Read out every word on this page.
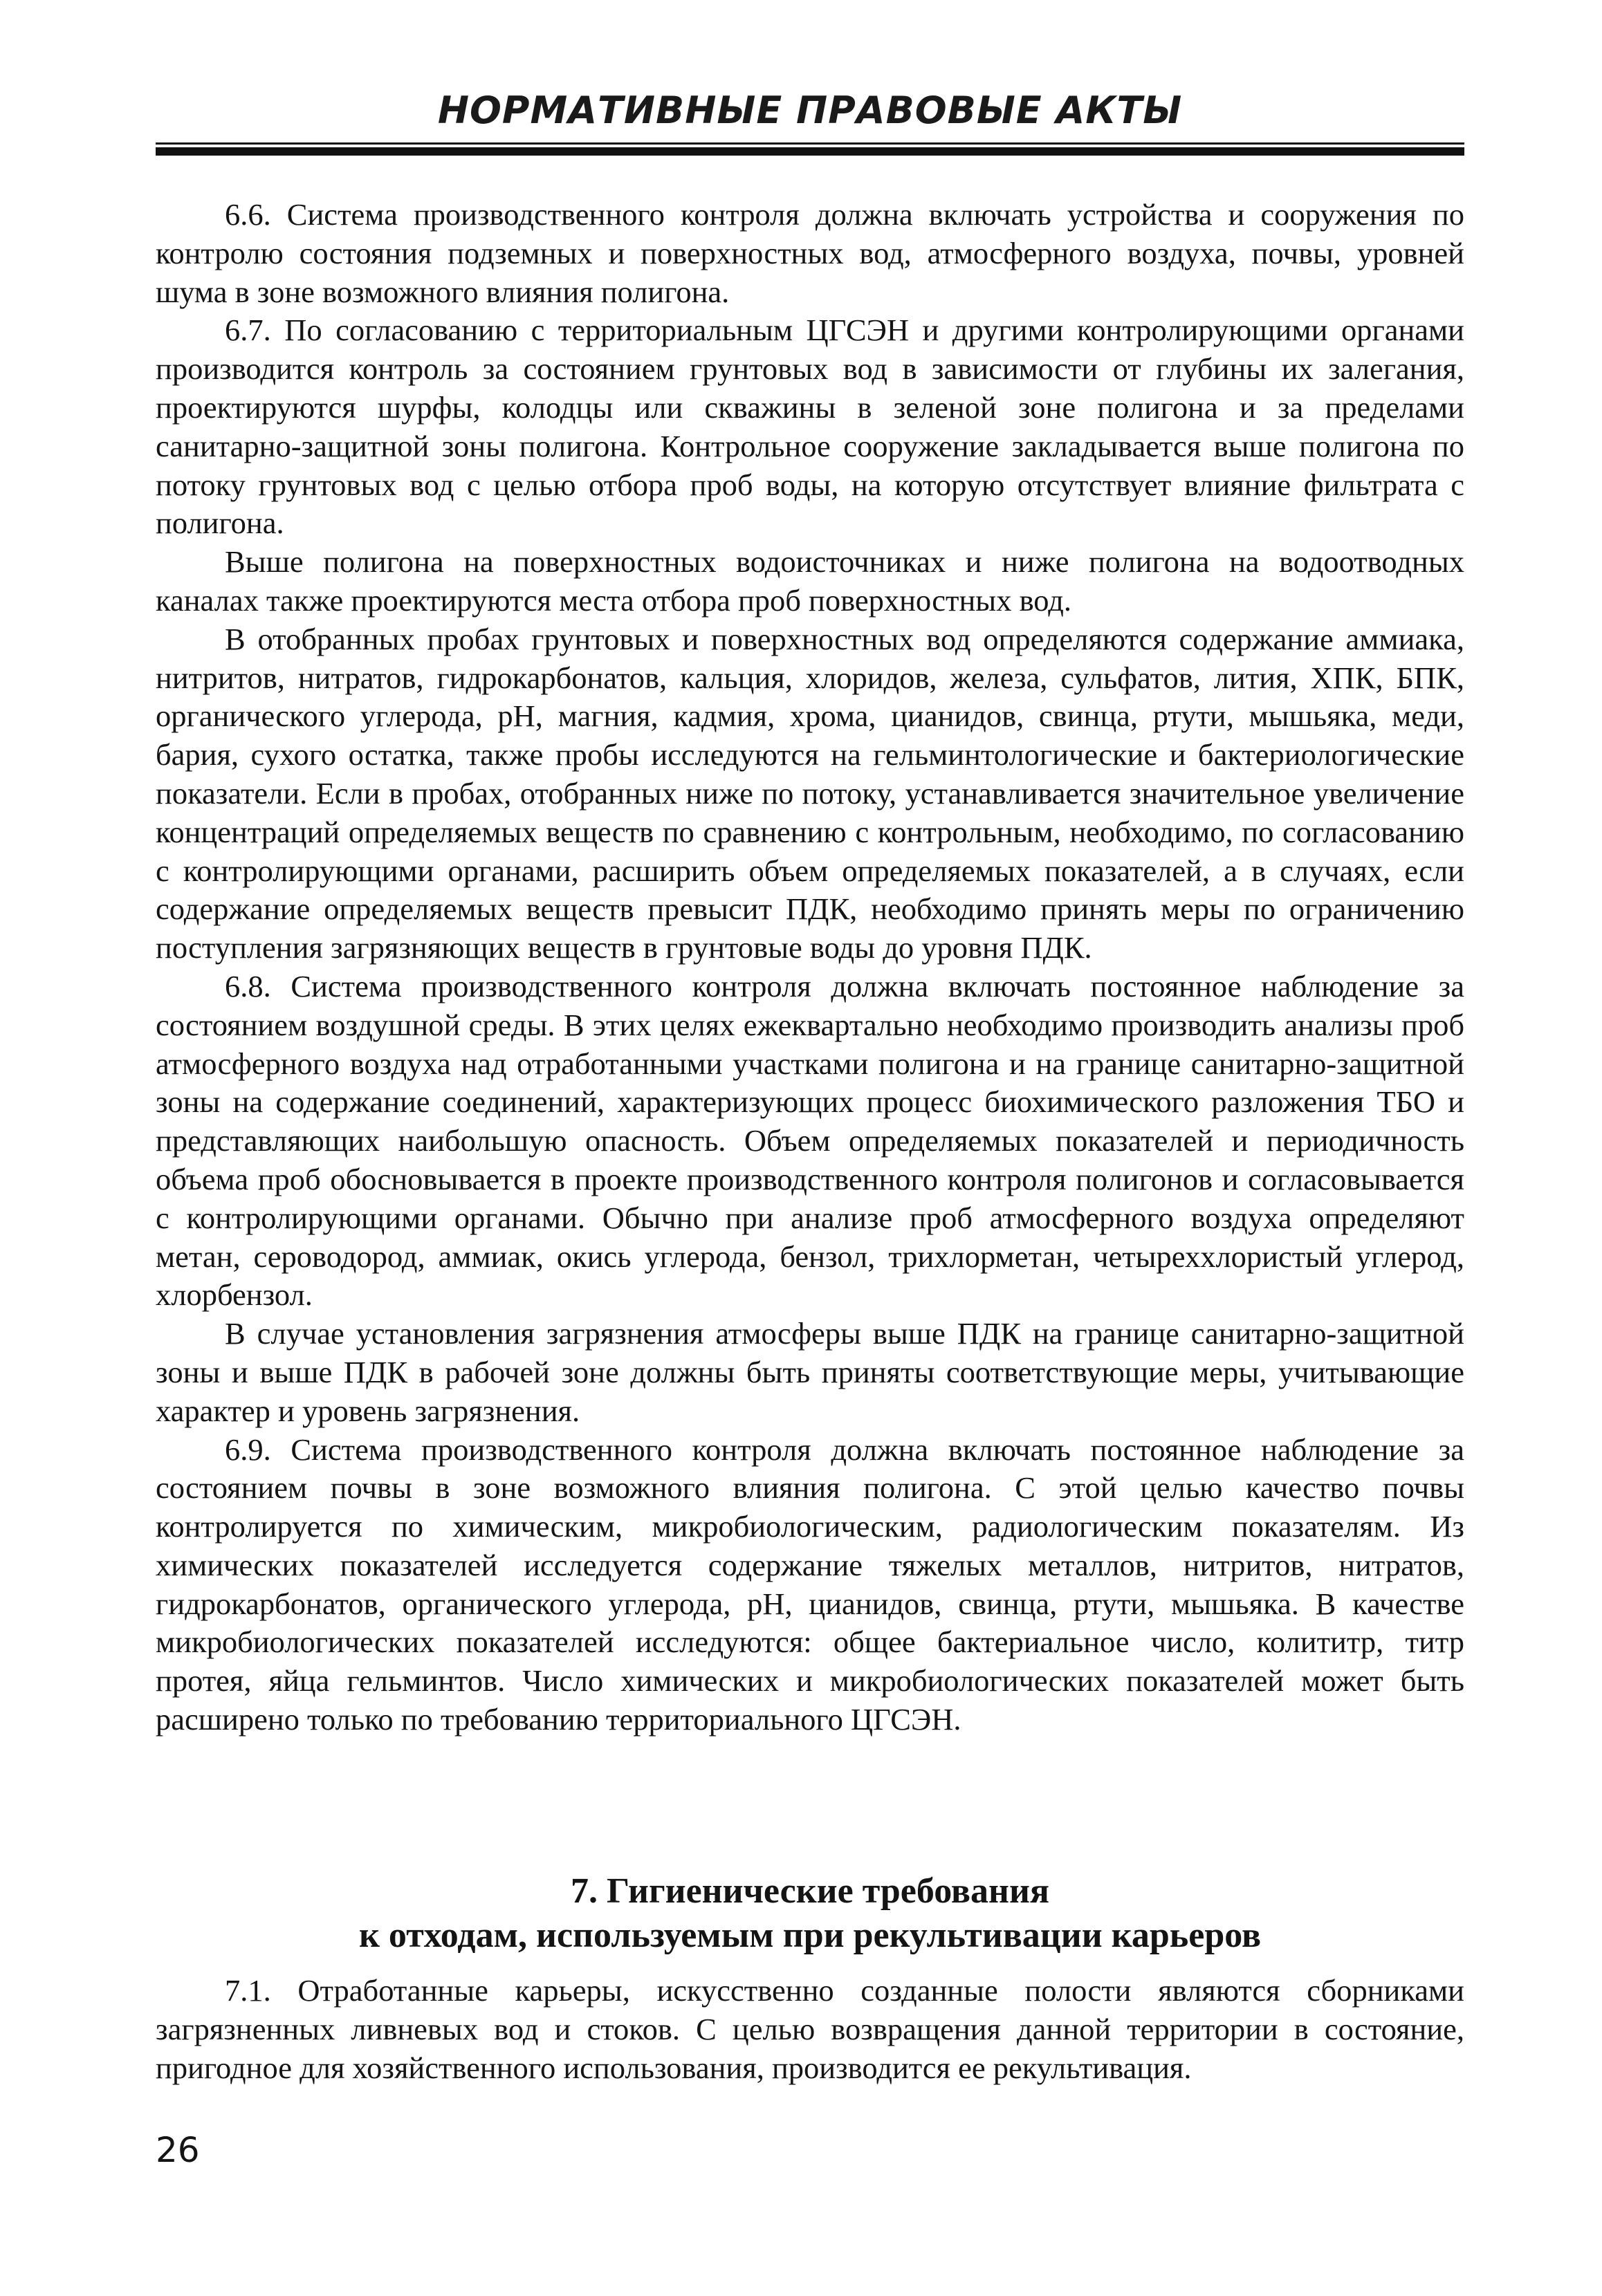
НОРМАТИВНЫЕ ПРАВОВЫЕ АКТЫ

6.6. Система производственного контроля должна включать устройства и сооружения по контролю состояния подземных и поверхностных вод, атмосферного воздуха, почвы, уровней шума в зоне возможного влияния полигона.

6.7. По согласованию с территориальным ЦГСЭН и другими контролирующими органами производится контроль за состоянием грунтовых вод в зависимости от глубины их залегания, проектируются шурфы, колодцы или скважины в зеленой зоне полигона и за пределами санитарно-защитной зоны полигона. Контрольное сооружение закладывается выше полигона по потоку грунтовых вод с целью отбора проб воды, на которую отсутствует влияние фильтрата с полигона.

Выше полигона на поверхностных водоисточниках и ниже полигона на водоотводных каналах также проектируются места отбора проб поверхностных вод.

В отобранных пробах грунтовых и поверхностных вод определяются содержание аммиака, нитритов, нитратов, гидрокарбонатов, кальция, хлоридов, железа, сульфатов, лития, ХПК, БПК, органического углерода, pH, магния, кадмия, хрома, цианидов, свинца, ртути, мышьяка, меди, бария, сухого остатка, также пробы исследуются на гельминтологические и бактериологические показатели. Если в пробах, отобранных ниже по потоку, устанавливается значительное увеличение концентраций определяемых веществ по сравнению с контрольным, необходимо, по согласованию с контролирующими органами, расширить объем определяемых показателей, а в случаях, если содержание определяемых веществ превысит ПДК, необходимо принять меры по ограничению поступления загрязняющих веществ в грунтовые воды до уровня ПДК.

6.8. Система производственного контроля должна включать постоянное наблюдение за состоянием воздушной среды. В этих целях ежеквартально необходимо производить анализы проб атмосферного воздуха над отработанными участками полигона и на границе санитарно-защитной зоны на содержание соединений, характеризующих процесс биохимического разложения ТБО и представляющих наибольшую опасность. Объем определяемых показателей и периодичность объема проб обосновывается в проекте производственного контроля полигонов и согласовывается с контролирующими органами. Обычно при анализе проб атмосферного воздуха определяют метан, сероводород, аммиак, окись углерода, бензол, трихлорметан, четыреххлористый углерод, хлорбензол.

В случае установления загрязнения атмосферы выше ПДК на границе санитарно-защитной зоны и выше ПДК в рабочей зоне должны быть приняты соответствующие меры, учитывающие характер и уровень загрязнения.

6.9. Система производственного контроля должна включать постоянное наблюдение за состоянием почвы в зоне возможного влияния полигона. С этой целью качество почвы контролируется по химическим, микробиологическим, радиологическим показателям. Из химических показателей исследуется содержание тяжелых металлов, нитритов, нитратов, гидрокарбонатов, органического углерода, pH, цианидов, свинца, ртути, мышьяка. В качестве микробиологических показателей исследуются: общее бактериальное число, колититр, титр протея, яйца гельминтов. Число химических и микробиологических показателей может быть расширено только по требованию территориального ЦГСЭН.

7. Гигиенические требования
к отходам, используемым при рекультивации карьеров

7.1. Отработанные карьеры, искусственно созданные полости являются сборниками загрязненных ливневых вод и стоков. С целью возвращения данной территории в состояние, пригодное для хозяйственного использования, производится ее рекультивация.

26
